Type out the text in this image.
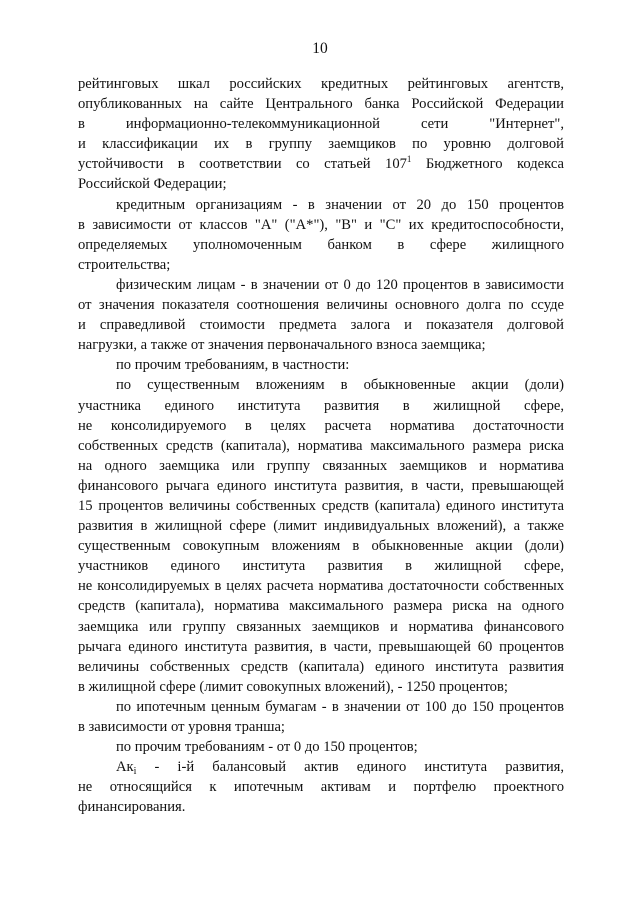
10
рейтинговых шкал российских кредитных рейтинговых агентств,
опубликованных на сайте Центрального банка Российской Федерации
в информационно-телекоммуникационной сети "Интернет",
и классификации их в группу заемщиков по уровню долговой
устойчивости в соответствии со статьей $107^1$ Бюджетного кодекса
Российской Федерации;
кредитным организациям - в значении от 20 до 150 процентов
в зависимости от классов "А" ("А*"), "В" и "С" их кредитоспособности,
определяемых уполномоченным банком в сфере жилищного
строительства;
физическим лицам - в значении от 0 до 120 процентов в зависимости
от значения показателя соотношения величины основного долга по ссуде
и справедливой стоимости предмета залога и показателя долговой
нагрузки, а также от значения первоначального взноса заемщика;
по прочим требованиям, в частности:
по существенным вложениям в обыкновенные акции (доли)
участника единого института развития в жилищной сфере,
не консолидируемого в целях расчета норматива достаточности
собственных средств (капитала), норматива максимального размера риска
на одного заемщика или группу связанных заемщиков и норматива
финансового рычага единого института развития, в части, превышающей
15 процентов величины собственных средств (капитала) единого института
развития в жилищной сфере (лимит индивидуальных вложений), а также
существенным совокупным вложениям в обыкновенные акции (доли)
участников единого института развития в жилищной сфере,
не консолидируемых в целях расчета норматива достаточности собственных
средств (капитала), норматива максимального размера риска на одного
заемщика или группу связанных заемщиков и норматива финансового
рычага единого института развития, в части, превышающей 60 процентов
величины собственных средств (капитала) единого института развития
в жилищной сфере (лимит совокупных вложений), - 1250 процентов;
по ипотечным ценным бумагам - в значении от 100 до 150 процентов
в зависимости от уровня транша;
по прочим требованиям - от 0 до 150 процентов;
$Ак_i - i-й$ балансовый актив единого института развития,
не относящийся к ипотечным активам и портфелю проектного
финансирования.
